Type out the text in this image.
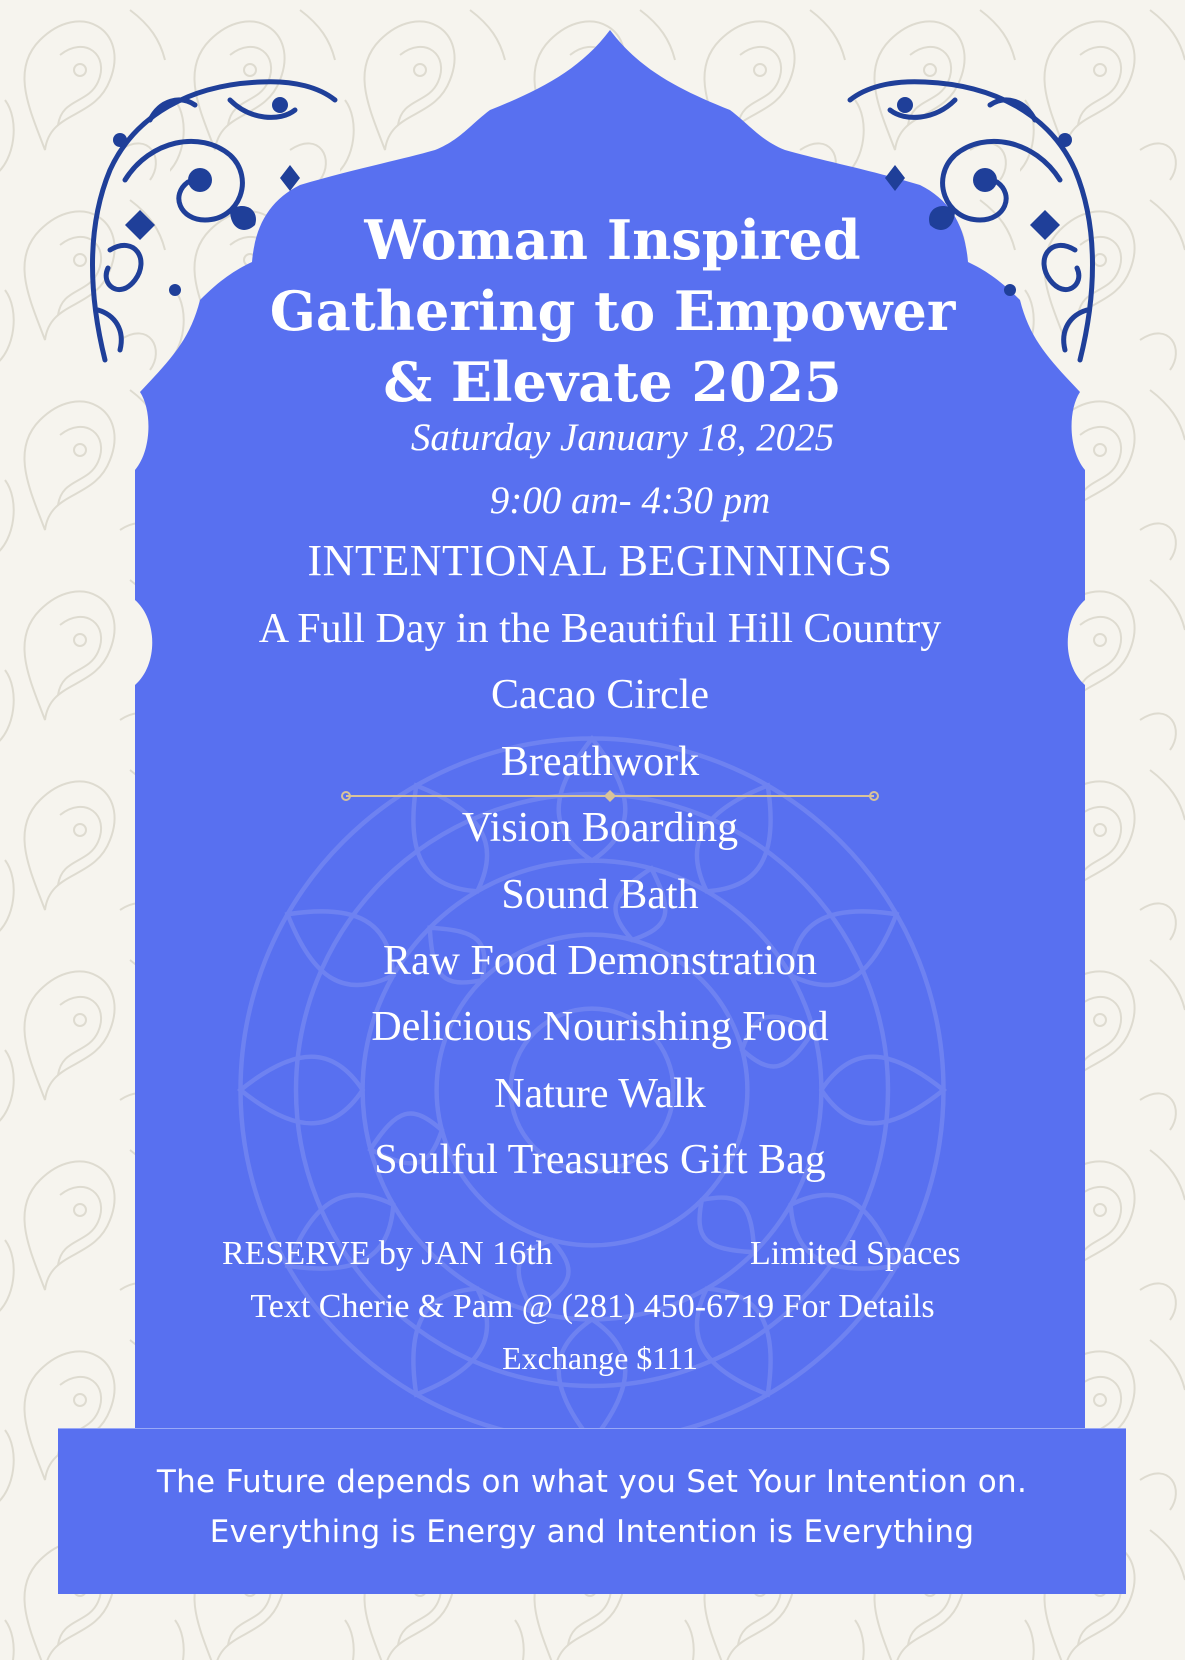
Woman Inspired
Gathering to Empower
& Elevate 2025
Saturday January 18, 2025
9:00 am- 4:30 pm
INTENTIONAL BEGINNINGS
A Full Day in the Beautiful Hill Country
Cacao Circle
Breathwork
Vision Boarding
Sound Bath
Raw Food Demonstration
Delicious Nourishing Food
Nature Walk
Soulful Treasures Gift Bag
RESERVE by JAN 16th	Limited Spaces
Text Cherie & Pam @ (281) 450-6719 For Details
Exchange $111
The Future depends on what you Set Your Intention on.
Everything is Energy and Intention is Everything
